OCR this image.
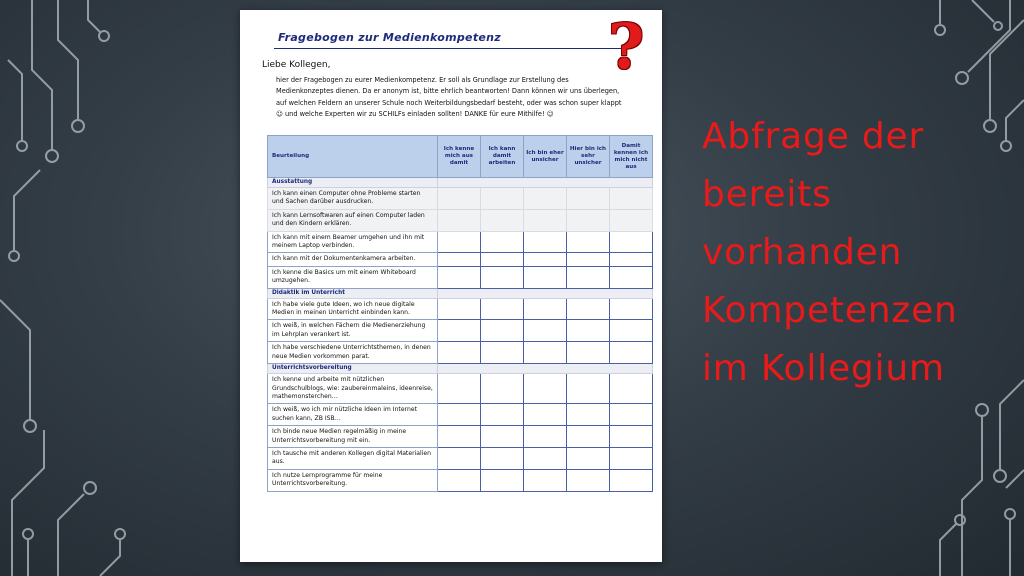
Fragebogen zur Medienkompetenz ?
Liebe Kollegen,
hier der Fragebogen zu eurer Medienkompetenz. Er soll als Grundlage zur Erstellung des Medienkonzeptes dienen. Da er anonym ist, bitte ehrlich beantworten! Dann können wir uns überlegen, auf welchen Feldern an unserer Schule noch Weiterbildungsbedarf besteht, oder was schon super klappt ☺ und welche Experten wir zu SCHILFs einladen sollten! DANKE für eure Mithilfe! ☺
Beurteilung	Ich kenne mich aus damit	Ich kann damit arbeiten	Ich bin eher unsicher	Hier bin ich sehr unsicher	Damit kennen ich mich nicht aus
Ausstattung					
Ich kann einen Computer ohne Probleme starten und Sachen darüber ausdrucken.					
Ich kann Lernsoftwaren auf einen Computer laden und den Kindern erklären.					
Ich kann mit einem Beamer umgehen und ihn mit meinem Laptop verbinden.					
Ich kann mit der Dokumentenkamera arbeiten.					
Ich kenne die Basics um mit einem Whiteboard umzugehen.					
Didaktik im Unterricht					
Ich habe viele gute Ideen, wo ich neue digitale Medien in meinen Unterricht einbinden kann.					
Ich weiß, in welchen Fächern die Medienerziehung im Lehrplan verankert ist.					
Ich habe verschiedene Unterrichtsthemen, in denen neue Medien vorkommen parat.					
Unterrichtsvorbereitung					
Ich kenne und arbeite mit nützlichen Grundschulblogs, wie: zaubereinmaleins, ideenreise, mathemonsterchen…					
Ich weiß, wo ich mir nützliche Ideen im Internet suchen kann, ZB ISB…					
Ich binde neue Medien regelmäßig in meine Unterrichtsvorbereitung mit ein.					
Ich tausche mit anderen Kollegen digital Materialien aus.					
Ich nutze Lernprogramme für meine Unterrichtsvorbereitung.					
Abfrage der
bereits
vorhanden
Kompetenzen
im Kollegium
